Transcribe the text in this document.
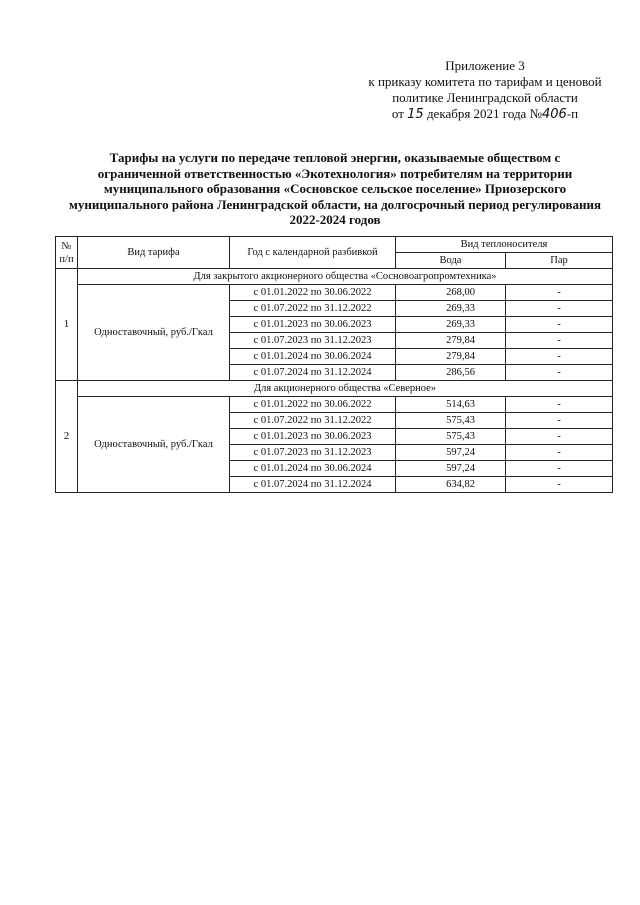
Приложение 3
к приказу комитета по тарифам и ценовой
политике Ленинградской области
от 15 декабря 2021 года №406-п
Тарифы на услуги по передаче тепловой энергии, оказываемые обществом с
ограниченной ответственностью «Экотехнология» потребителям на территории
муниципального образования «Сосновское сельское поселение» Приозерского
муниципального района Ленинградской области, на долгосрочный период регулирования
2022-2024 годов
№ п/п	Вид тарифа	Год с календарной разбивкой	Вид теплоносителя	
			Вода	Пар
1	Для закрытого акционерного общества «Сосновоагропромтехника»			
	Одноставочный, руб./Гкал	с 01.01.2022 по 30.06.2022	268,00	-
		с 01.07.2022 по 31.12.2022	269,33	-
		с 01.01.2023 по 30.06.2023	269,33	-
		с 01.07.2023 по 31.12.2023	279,84	-
		с 01.01.2024 по 30.06.2024	279,84	-
		с 01.07.2024 по 31.12.2024	286,56	-
2	Для акционерного общества «Северное»			
	Одноставочный, руб./Гкал	с 01.01.2022 по 30.06.2022	514,63	-
		с 01.07.2022 по 31.12.2022	575,43	-
		с 01.01.2023 по 30.06.2023	575,43	-
		с 01.07.2023 по 31.12.2023	597,24	-
		с 01.01.2024 по 30.06.2024	597,24	-
		с 01.07.2024 по 31.12.2024	634,82	-
